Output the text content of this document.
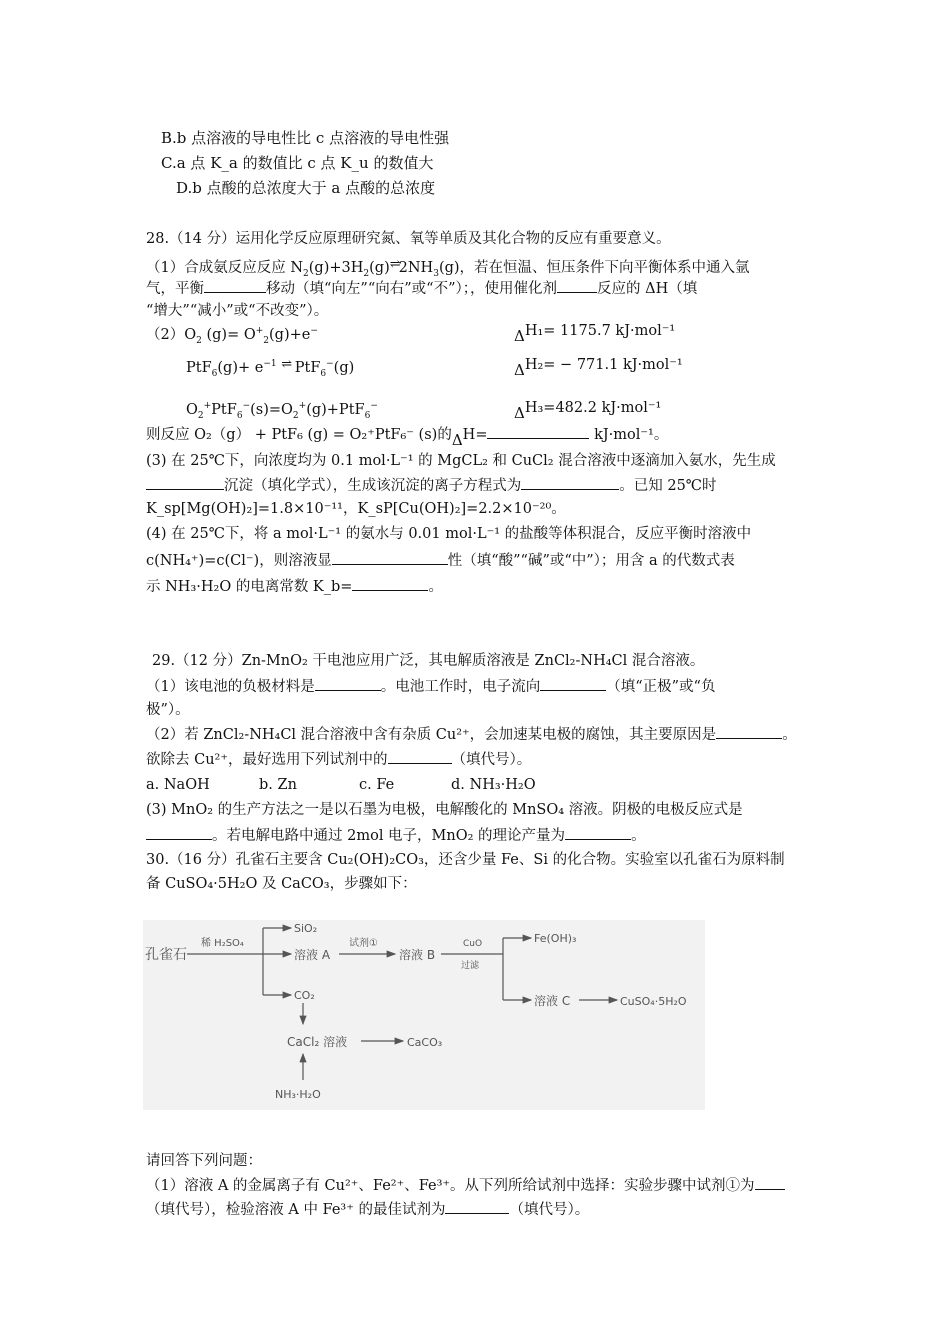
B.b 点溶液的导电性比 c 点溶液的导电性强
C.a 点 K_a 的数值比 c 点 K_u 的数值大
D.b 点酸的总浓度大于 a 点酸的总浓度
28.（14 分）运用化学反应原理研究氮、氧等单质及其化合物的反应有重要意义。
（1）合成氨反应反应 $N_2(g)+3H_2(g)\rightleftharpoons 2NH_3(g)$，若在恒温、恒压条件下向平衡体系中通入氩
气，平衡	移动（填“向左”“向右”或“不”）；，使用催化剂	反应的 ΔH（填
“增大”“减小”或“不改变”）。
$(2)O_2$ $(g)= O^+_2(g)+e^-$	ΔH₁= 1175.7 kJ·mol⁻¹
$PtF_6(g)+ e^{-1}$ ⇌ PtF$_6$−(g)	ΔH₂= − 771.1 kJ·mol⁻¹
$O_2^+PtF_6^-(s)=O_2^+(g)+PtF_6^-$	ΔH₃=482.2 kJ·mol⁻¹
则反应 O₂（g） + PtF₆ (g) = O₂⁺PtF₆⁻ (s)的ΔH=	kJ·mol⁻¹。
(3) 在 25℃下，向浓度均为 0.1 mol·L⁻¹ 的 MgCL₂ 和 CuCl₂ 混合溶液中逐滴加入氨水，先生成
沉淀（填化学式），生成该沉淀的离子方程式为	。已知 25℃时
K_sp[Mg(OH)₂]=1.8×10⁻¹¹，K_sP[Cu(OH)₂]=2.2×10⁻²⁰。
(4) 在 25℃下，将 a mol·L⁻¹ 的氨水与 0.01 mol·L⁻¹ 的盐酸等体积混合，反应平衡时溶液中
c(NH₄⁺)=c(Cl⁻)，则溶液显	性（填“酸”“碱”或“中”）；用含 a 的代数式表
示 NH₃·H₂O 的电离常数 K_b=	。
29.（12 分）Zn-MnO₂ 干电池应用广泛，其电解质溶液是 ZnCl₂-NH₄Cl 混合溶液。
（1）该电池的负极材料是	。电池工作时，电子流向	（填“正极”或“负
极”）。
（2）若 ZnCl₂-NH₄Cl 混合溶液中含有杂质 Cu²⁺，会加速某电极的腐蚀，其主要原因是	。
欲除去 Cu²⁺，最好选用下列试剂中的	（填代号）。
a. NaOH	b. Zn	c. Fe	d. NH₃·H₂O
(3) MnO₂ 的生产方法之一是以石墨为电极，电解酸化的 MnSO₄ 溶液。阴极的电极反应式是
。若电解电路中通过 2mol 电子，MnO₂ 的理论产量为	。
30.（16 分）孔雀石主要含 Cu₂(OH)₂CO₃，还含少量 Fe、Si 的化合物。实验室以孔雀石为原料制
备 CuSO₄·5H₂O 及 CaCO₃，步骤如下：
孔雀石
稀 H₂SO₄
SiO₂
溶液 A
试剂①
溶液 B
CuO
过滤
Fe(OH)₃
溶液 C	CuSO₄·5H₂O
CO₂
CaCl₂ 溶液	CaCO₃
NH₃·H₂O
请回答下列问题：
（1）溶液 A 的金属离子有 Cu²⁺、Fe²⁺、Fe³⁺。从下列所给试剂中选择：实验步骤中试剂①为
（填代号），检验溶液 A 中 Fe³⁺ 的最佳试剂为	（填代号）。
